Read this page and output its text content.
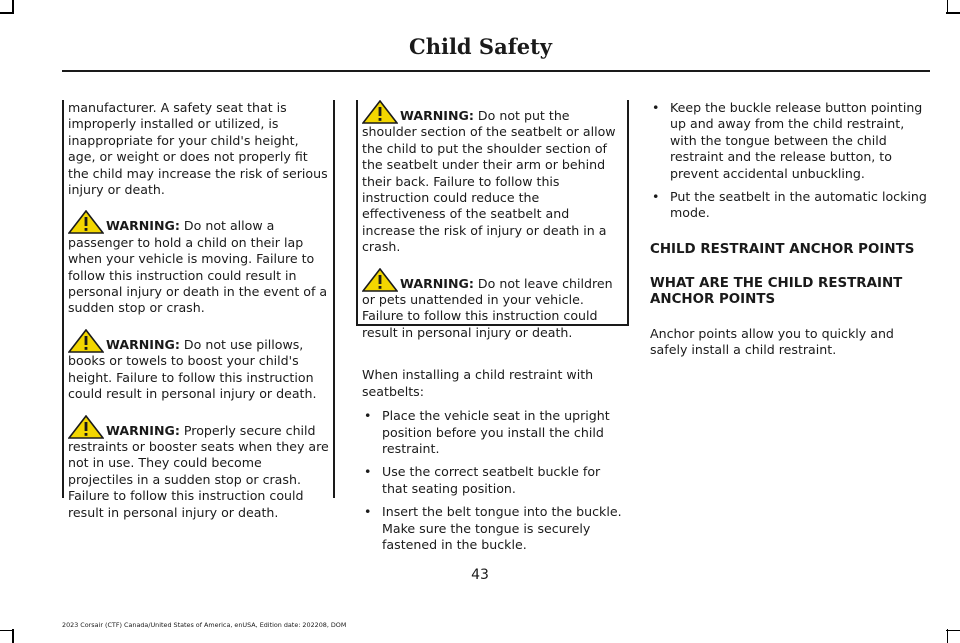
Child Safety

manufacturer. A safety seat that is improperly installed or utilized, is inappropriate for your child's height, age, or weight or does not properly fit the child may increase the risk of serious injury or death.

WARNING: Do not allow a passenger to hold a child on their lap when your vehicle is moving. Failure to follow this instruction could result in personal injury or death in the event of a sudden stop or crash.

WARNING: Do not use pillows, books or towels to boost your child's height. Failure to follow this instruction could result in personal injury or death.

WARNING: Properly secure child restraints or booster seats when they are not in use. They could become projectiles in a sudden stop or crash. Failure to follow this instruction could result in personal injury or death.

WARNING: Do not put the shoulder section of the seatbelt or allow the child to put the shoulder section of the seatbelt under their arm or behind their back. Failure to follow this instruction could reduce the effectiveness of the seatbelt and increase the risk of injury or death in a crash.

WARNING: Do not leave children or pets unattended in your vehicle. Failure to follow this instruction could result in personal injury or death.

When installing a child restraint with seatbelts:

• Place the vehicle seat in the upright position before you install the child restraint.
• Use the correct seatbelt buckle for that seating position.
• Insert the belt tongue into the buckle. Make sure the tongue is securely fastened in the buckle.
• Keep the buckle release button pointing up and away from the child restraint, with the tongue between the child restraint and the release button, to prevent accidental unbuckling.
• Put the seatbelt in the automatic locking mode.
CHILD RESTRAINT ANCHOR POINTS
WHAT ARE THE CHILD RESTRAINT ANCHOR POINTS

Anchor points allow you to quickly and safely install a child restraint.

43
2023 Corsair (CTF) Canada/United States of America, enUSA, Edition date: 202208, DOM
